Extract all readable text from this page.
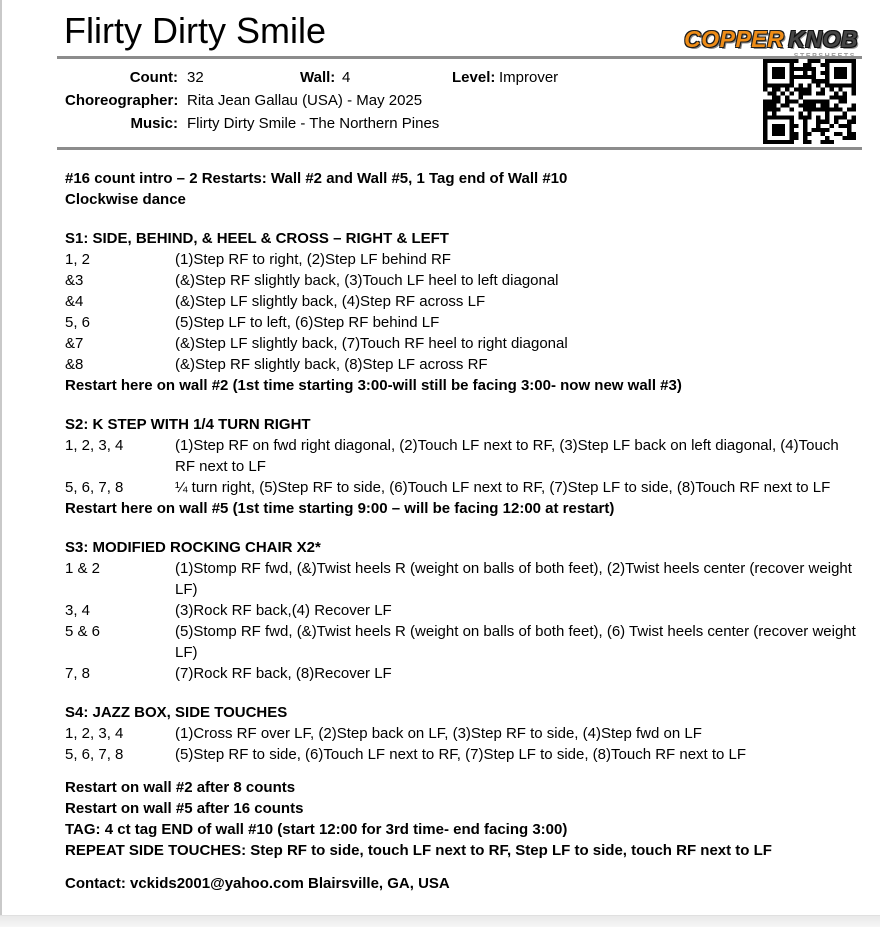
Flirty Dirty Smile	COPPER KNOB
Count: 32	Wall: 4	Level: Improver
Choreographer: Rita Jean Gallau (USA) - May 2025
Music: Flirty Dirty Smile - The Northern Pines
#16 count intro – 2 Restarts: Wall #2 and Wall #5, 1 Tag end of Wall #10
Clockwise dance
S1: SIDE, BEHIND, & HEEL & CROSS – RIGHT & LEFT
1, 2	(1)Step RF to right, (2)Step LF behind RF
&3	(&)Step RF slightly back, (3)Touch LF heel to left diagonal
&4	(&)Step LF slightly back, (4)Step RF across LF
5, 6	(5)Step LF to left, (6)Step RF behind LF
&7	(&)Step LF slightly back, (7)Touch RF heel to right diagonal
&8	(&)Step RF slightly back, (8)Step LF across RF
Restart here on wall #2 (1st time starting 3:00-will still be facing 3:00- now new wall #3)
S2: K STEP WITH 1/4 TURN RIGHT
1, 2, 3, 4	(1)Step RF on fwd right diagonal, (2)Touch LF next to RF, (3)Step LF back on left diagonal, (4)Touch RF next to LF
5, 6, 7, 8	¼ turn right, (5)Step RF to side, (6)Touch LF next to RF, (7)Step LF to side, (8)Touch RF next to LF
Restart here on wall #5 (1st time starting 9:00 – will be facing 12:00 at restart)
S3: MODIFIED ROCKING CHAIR X2*
1 & 2	(1)Stomp RF fwd, (&)Twist heels R (weight on balls of both feet), (2)Twist heels center (recover weight LF)
3, 4	(3)Rock RF back,(4) Recover LF
5 & 6	(5)Stomp RF fwd, (&)Twist heels R (weight on balls of both feet), (6) Twist heels center (recover weight LF)
7, 8	(7)Rock RF back, (8)Recover LF
S4: JAZZ BOX, SIDE TOUCHES
1, 2, 3, 4	(1)Cross RF over LF, (2)Step back on LF, (3)Step RF to side, (4)Step fwd on LF
5, 6, 7, 8	(5)Step RF to side, (6)Touch LF next to RF, (7)Step LF to side, (8)Touch RF next to LF
Restart on wall #2 after 8 counts
Restart on wall #5 after 16 counts
TAG: 4 ct tag END of wall #10 (start 12:00 for 3rd time- end facing 3:00)
REPEAT SIDE TOUCHES: Step RF to side, touch LF next to RF, Step LF to side, touch RF next to LF
Contact: vckids2001@yahoo.com Blairsville, GA, USA
